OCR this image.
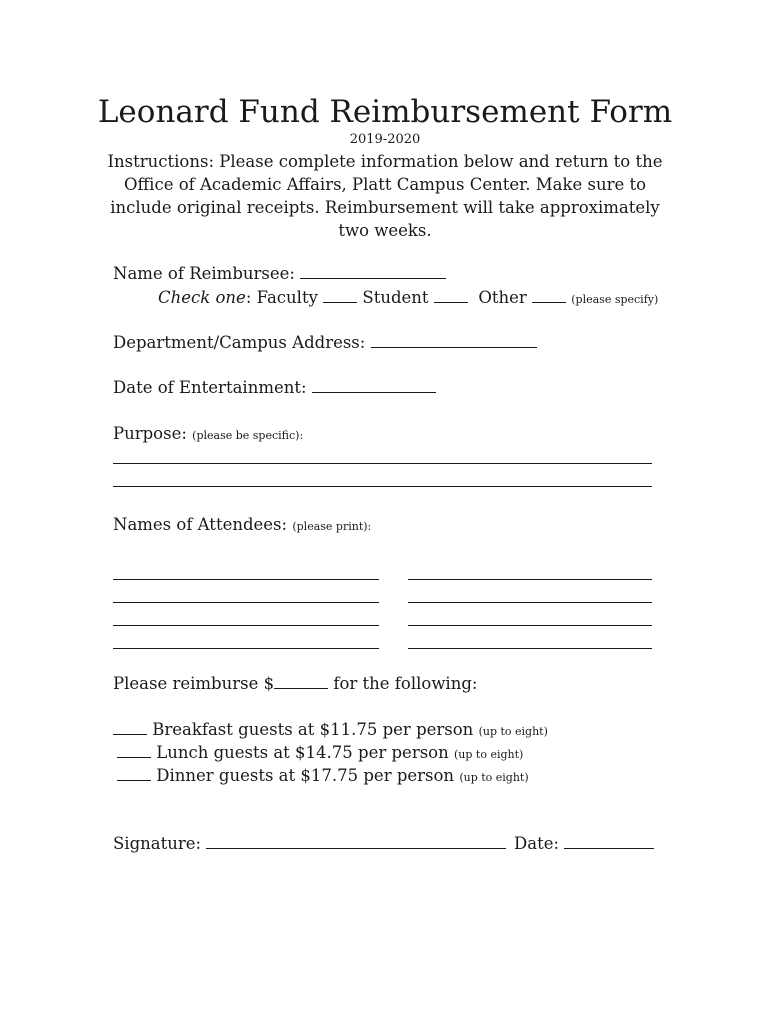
Leonard Fund Reimbursement Form
2019-2020
Instructions: Please complete information below and return to the Office of Academic Affairs, Platt Campus Center. Make sure to include original receipts. Reimbursement will take approximately two weeks.
Name of Reimbursee:
Check one: Faculty	Student	Other	(please specify)
Department/Campus Address:
Date of Entertainment:
Purpose: (please be specific):
Names of Attendees: (please print):
Please reimburse $	for the following:
Breakfast guests at $11.75 per person (up to eight)
Lunch guests at $14.75 per person (up to eight)
Dinner guests at $17.75 per person (up to eight)
Signature:	Date:
